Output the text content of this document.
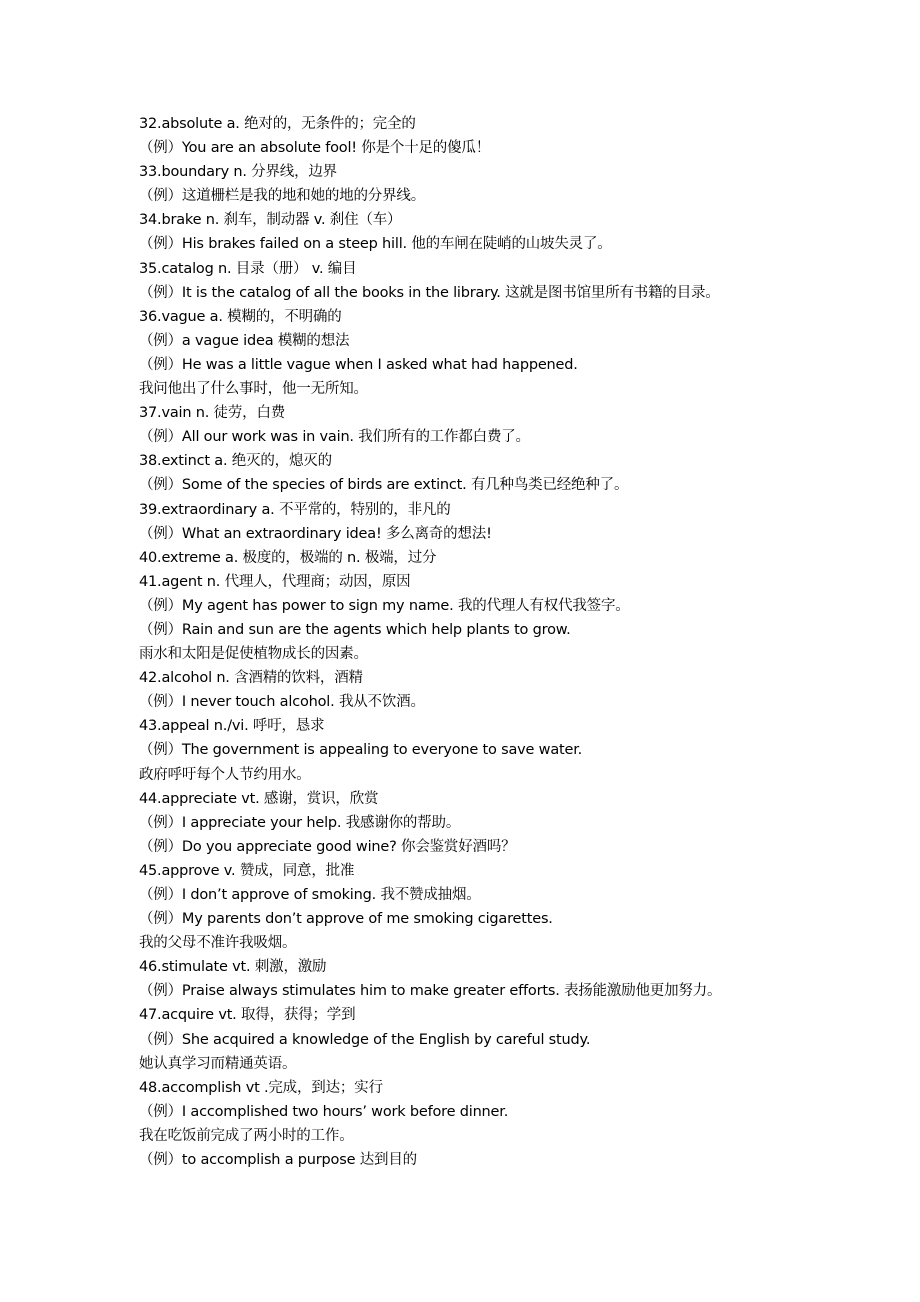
32.absolute a. 绝对的，无条件的；完全的
（例）You are an absolute fool! 你是个十足的傻瓜！
33.boundary n. 分界线，边界
（例）这道栅栏是我的地和她的地的分界线。
34.brake n. 刹车，制动器 v. 刹住（车）
（例）His brakes failed on a steep hill. 他的车闸在陡峭的山坡失灵了。
35.catalog n. 目录（册） v. 编目
（例）It is the catalog of all the books in the library. 这就是图书馆里所有书籍的目录。
36.vague a. 模糊的，不明确的
（例）a vague idea 模糊的想法
（例）He was a little vague when I asked what had happened.
我问他出了什么事时，他一无所知。
37.vain n. 徒劳，白费
（例）All our work was in vain. 我们所有的工作都白费了。
38.extinct a. 绝灭的，熄灭的
（例）Some of the species of birds are extinct. 有几种鸟类已经绝种了。
39.extraordinary a. 不平常的，特别的，非凡的
（例）What an extraordinary idea! 多么离奇的想法!
40.extreme a. 极度的，极端的 n. 极端，过分
41.agent n. 代理人，代理商；动因，原因
（例）My agent has power to sign my name. 我的代理人有权代我签字。
（例）Rain and sun are the agents which help plants to grow.
雨水和太阳是促使植物成长的因素。
42.alcohol n. 含酒精的饮料，酒精
（例）I never touch alcohol. 我从不饮酒。
43.appeal n./vi. 呼吁，恳求
（例）The government is appealing to everyone to save water.
政府呼吁每个人节约用水。
44.appreciate vt. 感谢，赏识，欣赏
（例）I appreciate your help. 我感谢你的帮助。
（例）Do you appreciate good wine? 你会鉴赏好酒吗？
45.approve v. 赞成，同意，批准
（例）I don’t approve of smoking. 我不赞成抽烟。
（例）My parents don’t approve of me smoking cigarettes.
我的父母不准许我吸烟。
46.stimulate vt. 刺激，激励
（例）Praise always stimulates him to make greater efforts. 表扬能激励他更加努力。
47.acquire vt. 取得，获得；学到
（例）She acquired a knowledge of the English by careful study.
她认真学习而精通英语。
48.accomplish vt .完成，到达；实行
（例）I accomplished two hours’ work before dinner.
我在吃饭前完成了两小时的工作。
（例）to accomplish a purpose 达到目的
